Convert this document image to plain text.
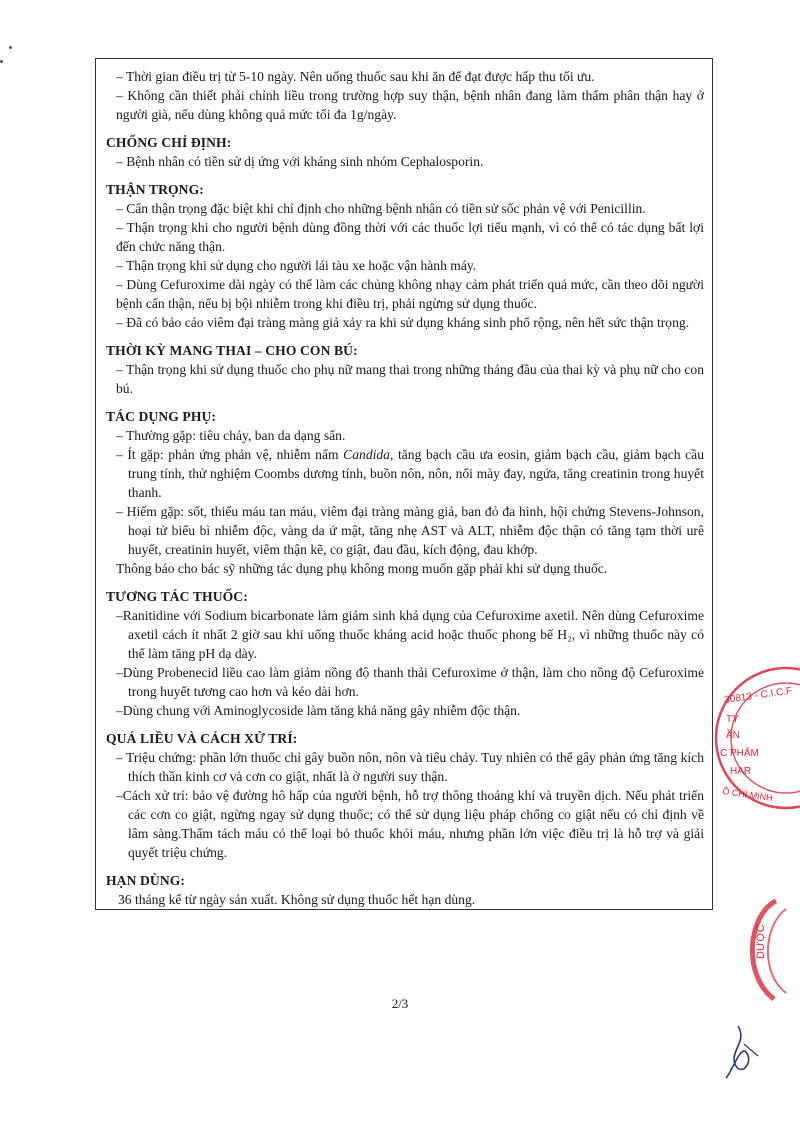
– Thời gian điều trị từ 5-10 ngày. Nên uống thuốc sau khi ăn để đạt được hấp thu tối ưu.
– Không cần thiết phải chỉnh liều trong trường hợp suy thận, bệnh nhân đang làm thẩm phân thận hay ở người già, nếu dùng không quá mức tối đa 1g/ngày.
CHỐNG CHỈ ĐỊNH:
– Bệnh nhân có tiền sử dị ứng với kháng sinh nhóm Cephalosporin.
THẬN TRỌNG:
– Cẩn thận trọng đặc biệt khi chỉ định cho những bệnh nhân có tiền sử sốc phản vệ với Penicillin.
– Thận trọng khi cho người bệnh dùng đồng thời với các thuốc lợi tiểu mạnh, vì có thể có tác dụng bất lợi đến chức năng thận.
– Thận trọng khi sử dụng cho người lái tàu xe hoặc vận hành máy.
– Dùng Cefuroxime dài ngày có thể làm các chủng không nhạy cảm phát triển quá mức, cần theo dõi người bệnh cẩn thận, nếu bị bội nhiễm trong khi điều trị, phải ngừng sử dụng thuốc.
– Đã có báo cáo viêm đại tràng màng giả xảy ra khi sử dụng kháng sinh phổ rộng, nên hết sức thận trọng.
THỜI KỲ MANG THAI – CHO CON BÚ:
– Thận trọng khi sử dụng thuốc cho phụ nữ mang thai trong những tháng đầu của thai kỳ và phụ nữ cho con bú.
TÁC DỤNG PHỤ:
– Thường gặp: tiêu chảy, ban da dạng sẩn.
– Ít gặp: phản ứng phản vệ, nhiễm nấm Candida, tăng bạch cầu ưa eosin, giảm bạch cầu, giảm bạch cầu trung tính, thử nghiệm Coombs dương tính, buồn nôn, nôn, nổi mày đay, ngứa, tăng creatinin trong huyết thanh.
– Hiếm gặp: sốt, thiếu máu tan máu, viêm đại tràng màng giả, ban đỏ đa hình, hội chứng Stevens-Johnson, hoại tử biểu bì nhiễm độc, vàng da ứ mật, tăng nhẹ AST và ALT, nhiễm độc thận có tăng tạm thời urê huyết, creatinin huyết, viêm thận kẽ, co giật, đau đầu, kích động, đau khớp.
Thông báo cho bác sỹ những tác dụng phụ không mong muốn gặp phải khi sử dụng thuốc.
TƯƠNG TÁC THUỐC:
–Ranitidine với Sodium bicarbonate làm giảm sinh khả dụng của Cefuroxime axetil. Nên dùng Cefuroxime axetil cách ít nhất 2 giờ sau khi uống thuốc kháng acid hoặc thuốc phong bế H₂, vì những thuốc này có thể làm tăng pH dạ dày.
–Dùng Probenecid liều cao làm giảm nồng độ thanh thải Cefuroxime ở thận, làm cho nồng độ Cefuroxime trong huyết tương cao hơn và kéo dài hơn.
–Dùng chung với Aminoglycoside làm tăng khả năng gây nhiễm độc thận.
QUÁ LIỀU VÀ CÁCH XỬ TRÍ:
– Triệu chứng: phần lớn thuốc chỉ gây buồn nôn, nôn và tiêu chảy. Tuy nhiên có thể gây phản ứng tăng kích thích thần kinh cơ và cơn co giật, nhất là ở người suy thận.
–Cách xử trí: bảo vệ đường hô hấp của người bệnh, hỗ trợ thông thoáng khí và truyền dịch. Nếu phát triển các cơn co giật, ngừng ngay sử dụng thuốc; có thể sử dụng liệu pháp chống co giật nếu có chỉ định về lâm sàng.Thẩm tách máu có thể loại bỏ thuốc khỏi máu, nhưng phần lớn việc điều trị là hỗ trợ và giải quyết triệu chứng.
HẠN DÙNG:
36 tháng kể từ ngày sản xuất. Không sử dụng thuốc hết hạn dùng.
2/3
30813 - C.I.C.F
TY
ẦN
C PHẨM
HAR
Ồ CHÍ MINH
DƯỢC
